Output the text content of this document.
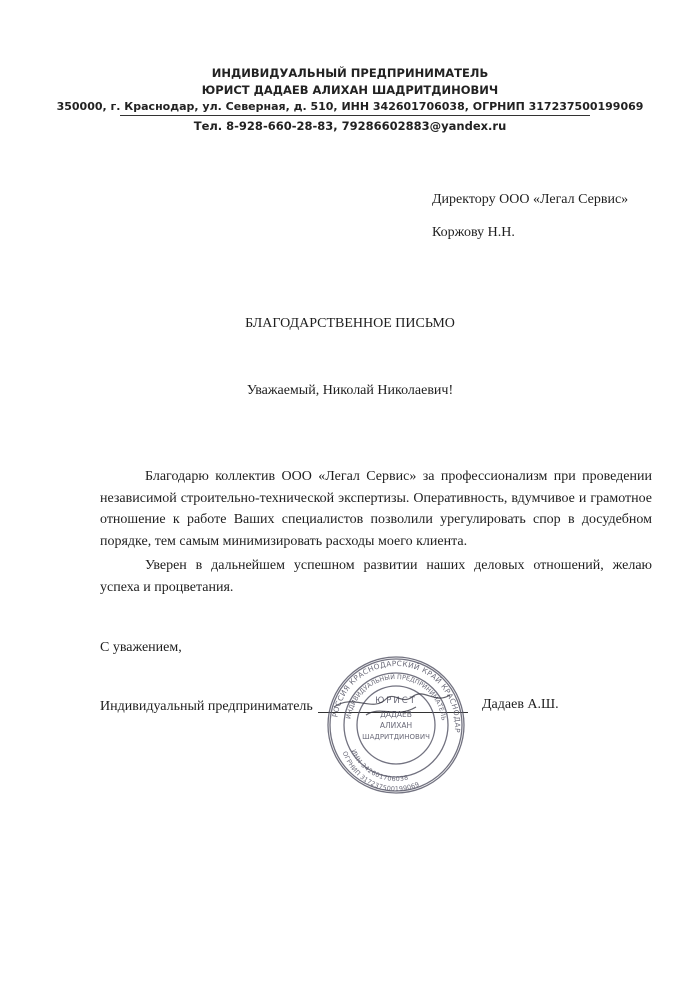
ИНДИВИДУАЛЬНЫЙ ПРЕДПРИНИМАТЕЛЬ
ЮРИСТ ДАДАЕВ АЛИХАН ШАДРИТДИНОВИЧ
350000, г. Краснодар, ул. Северная, д. 510, ИНН 342601706038, ОГРНИП 317237500199069
Тел. 8-928-660-28-83, 79286602883@yandex.ru
Директору ООО «Легал Сервис»
Коржову Н.Н.
БЛАГОДАРСТВЕННОЕ ПИСЬМО
Уважаемый, Николай Николаевич!
Благодарю коллектив ООО «Легал Сервис» за профессионализм при проведении независимой строительно-технической экспертизы. Оперативность, вдумчивое и грамотное отношение к работе Ваших специалистов позволили урегулировать спор в досудебном порядке, тем самым минимизировать расходы моего клиента.
Уверен в дальнейшем успешном развитии наших деловых отношений, желаю успеха и процветания.
С уважением,
Индивидуальный предприниматель	Дадаев А.Ш.
РОССИЯ КРАСНОДАРСКИЙ КРАЙ КРАСНОДАР
ИНДИВИДУАЛЬНЫЙ ПРЕДПРИНИМАТЕЛЬ
ИНН 342601706038
ОГРНИП 317237500199069
ЮРИСТ
ДАДАЕВ
АЛИХАН
ШАДРИТДИНОВИЧ
